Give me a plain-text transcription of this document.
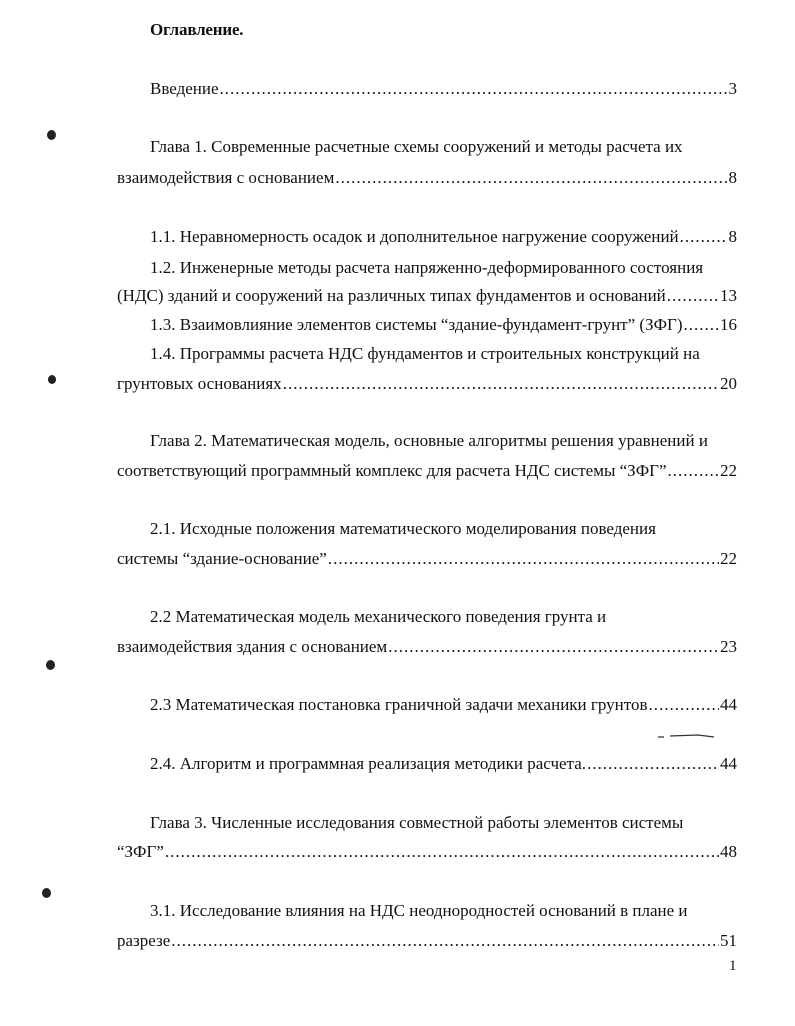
Оглавление.
Введение .....	3
Глава 1. Современные расчетные схемы сооружений и методы расчета их
взаимодействия с основанием .....	8
1.1. Неравномерность осадок и дополнительное нагружение сооружений .....	8
1.2. Инженерные методы расчета напряженно-деформированного состояния
(НДС) зданий и сооружений на различных типах фундаментов и оснований .....	13
1.3. Взаимовлияние элементов системы “здание-фундамент-грунт” (ЗФГ) ..... 16
1.4. Программы расчета НДС фундаментов и строительных конструкций на
грунтовых основаниях .....	20
Глава 2. Математическая модель, основные алгоритмы решения уравнений и
соответствующий программный комплекс для расчета НДС системы “ЗФГ” .....	22
2.1. Исходные положения математического моделирования поведения
системы “здание-основание” .....	22
2.2 Математическая модель механического поведения грунта и
взаимодействия здания с основанием .....	23
2.3 Математическая постановка граничной задачи механики грунтов .....	44
2.4. Алгоритм и программная реализация методики расчета. .....	44
Глава 3. Численные исследования совместной работы элементов системы
“ЗФГ” .....	48
3.1. Исследование влияния на НДС неоднородностей оснований в плане и
разрезе .....	51
1
